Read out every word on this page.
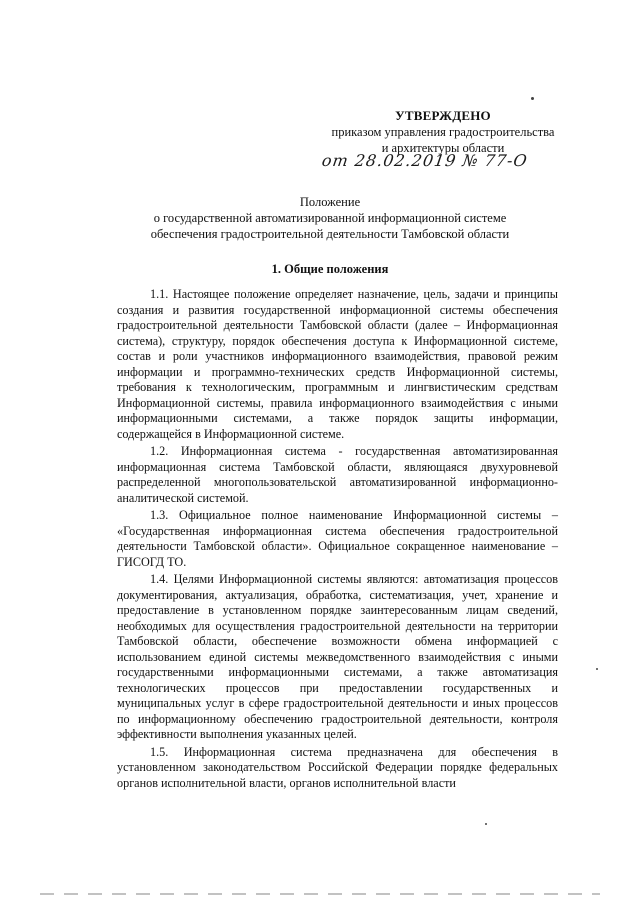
УТВЕРЖДЕНО
приказом управления градостроительства
и архитектуры области
от 28.02.2019 № 77-О
Положение
о государственной автоматизированной информационной системе
обеспечения градостроительной деятельности Тамбовской области
1. Общие положения

1.1. Настоящее положение определяет назначение, цель, задачи и принципы создания и развития государственной информационной системы обеспечения градостроительной деятельности Тамбовской области (далее – Информационная система), структуру, порядок обеспечения доступа к Информационной системе, состав и роли участников информационного взаимодействия, правовой режим информации и программно-технических средств Информационной системы, требования к технологическим, программным и лингвистическим средствам Информационной системы, правила информационного взаимодействия с иными информационными системами, а также порядок защиты информации, содержащейся в Информационной системе.

1.2. Информационная система - государственная автоматизированная информационная система Тамбовской области, являющаяся двухуровневой распределенной многопользовательской автоматизированной информационно-аналитической системой.

1.3. Официальное полное наименование Информационной системы – «Государственная информационная система обеспечения градостроительной деятельности Тамбовской области». Официальное сокращенное наименование – ГИСОГД ТО.

1.4. Целями Информационной системы являются: автоматизация процессов документирования, актуализация, обработка, систематизация, учет, хранение и предоставление в установленном порядке заинтересованным лицам сведений, необходимых для осуществления градостроительной деятельности на территории Тамбовской области, обеспечение возможности обмена информацией с использованием единой системы межведомственного взаимодействия с иными государственными информационными системами, а также автоматизация технологических процессов при предоставлении государственных и муниципальных услуг в сфере градостроительной деятельности и иных процессов по информационному обеспечению градостроительной деятельности, контроля эффективности выполнения указанных целей.

1.5. Информационная система предназначена для обеспечения в установленном законодательством Российской Федерации порядке федеральных органов исполнительной власти, органов исполнительной власти
